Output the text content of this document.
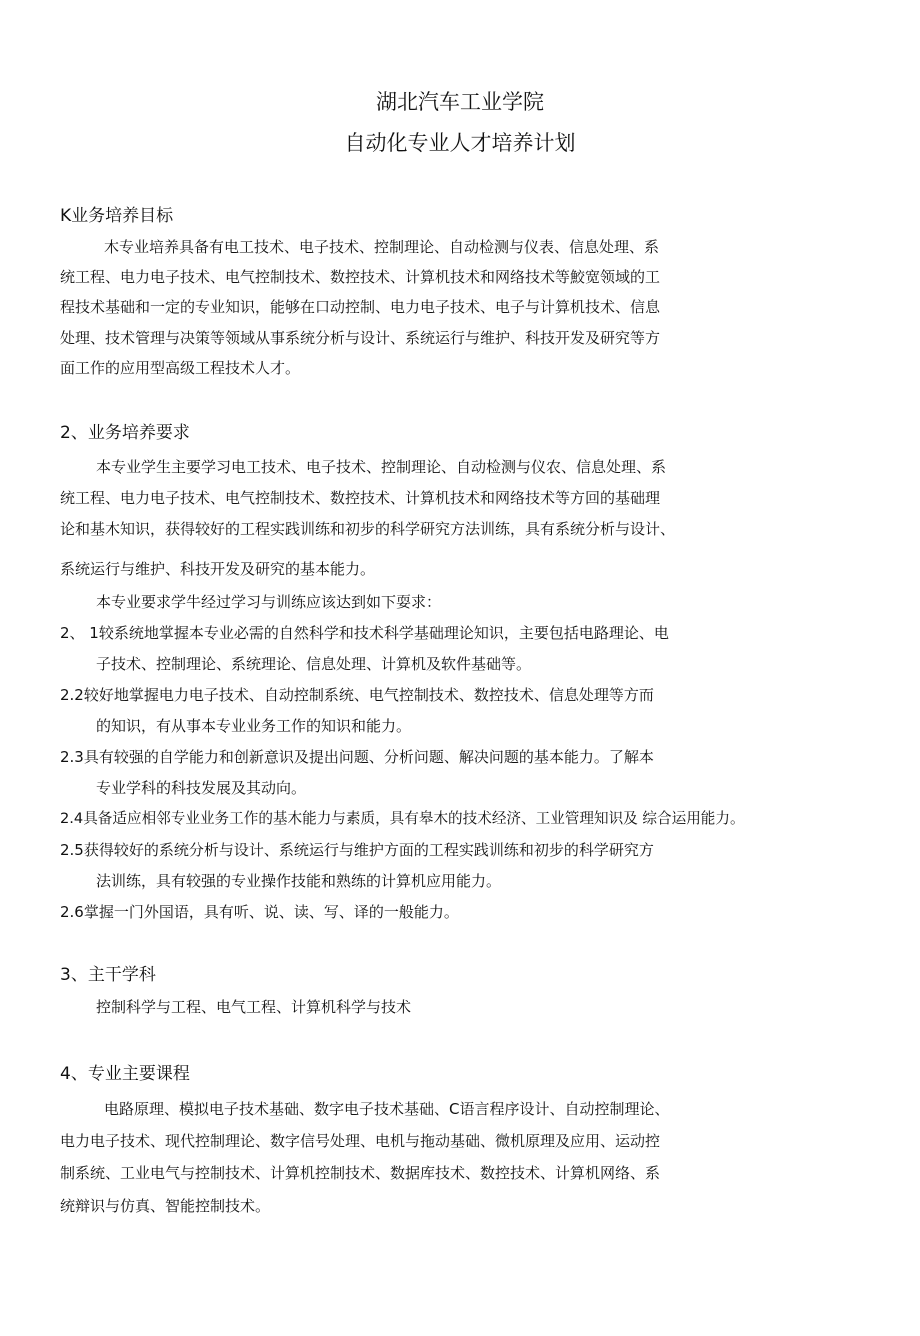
湖北汽车工业学院
自动化专业人才培养计划
K业务培养目标
木专业培养具备有电工技术、电子技术、控制理论、自动检测与仪表、信息处理、系
统工程、电力电子技术、电气控制技术、数控技术、计算机技术和网络技术等鮫宽领域的工
程技术基础和一定的专业知识，能够在口动控制、电力电子技术、电子与计算机技术、信息
处理、技术管理与决策等领域从事系统分析与设计、系统运行与维护、科技开发及研究等方
面工作的应用型高级工程技术人才。
2、业务培养要求
本专业学生主要学习电工技术、电子技术、控制理论、自动检测与仪农、信息处理、系
统工程、电力电子技术、电气控制技术、数控技术、计算机技术和网络技术等方回的基础理
论和基木知识，获得较好的工程实践训练和初步的科学研究方法训练，具有系统分析与设计、
系统运行与维护、科技开发及研究的基本能力。
本专业要求学牛经过学习与训练应该达到如下耍求：
2、 1较系统地掌握本专业必需的自然科学和技术科学基础理论知识，主要包括电路理论、电
子技术、控制理论、系统理论、信息处理、计算机及软件基础等。
2.2较好地掌握电力电子技术、自动控制系统、电气控制技术、数控技术、信息处理等方而
的知识，有从事本专业业务工作的知识和能力。
2.3具有较强的自学能力和创新意识及提出问题、分析问题、解决问题的基本能力。了解本
专业学科的科技发展及其动向。
2.4具备适应相邻专业业务工作的基木能力与素质，具有皋木的技术经济、工业管理知识及 综合运用能力。
2.5获得较好的系统分析与设计、系统运行与维护方面的工程实践训练和初步的科学研究方
法训练，具有较强的专业操作技能和熟练的计算机应用能力。
2.6掌握一门外国语，具有听、说、读、写、译的一般能力。
3、主干学科
控制科学与工程、电气工程、计算机科学与技术
4、专业主要课程
电路原理、模拟电子技术基础、数字电子技术基础、C语言程序设计、自动控制理论、
电力电子技术、现代控制理论、数字信号处理、电机与拖动基础、微机原理及应用、运动控
制系统、工业电气与控制技术、计算机控制技术、数据库技术、数控技术、计算机网络、系
统辩识与仿真、智能控制技术。
